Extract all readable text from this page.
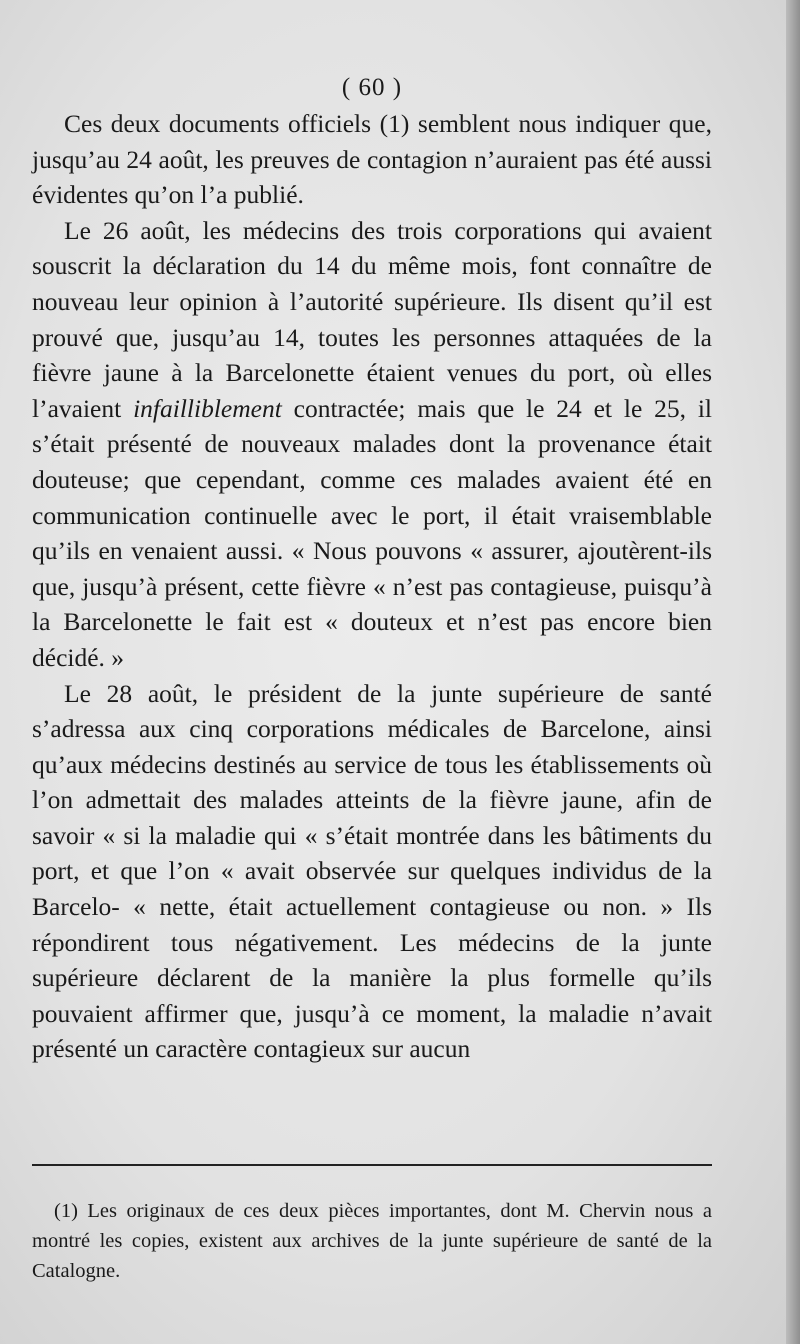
( 60 )

Ces deux documents officiels (1) semblent nous indiquer que, jusqu’au 24 août, les preuves de contagion n’auraient pas été aussi évidentes qu’on l’a publié.

Le 26 août, les médecins des trois corporations qui avaient souscrit la déclaration du 14 du même mois, font connaître de nouveau leur opinion à l’autorité supérieure. Ils disent qu’il est prouvé que, jusqu’au 14, toutes les personnes attaquées de la fièvre jaune à la Barcelonette étaient venues du port, où elles l’avaient infailliblement contractée; mais que le 24 et le 25, il s’était présenté de nouveaux malades dont la provenance était douteuse; que cependant, comme ces malades avaient été en communication continuelle avec le port, il était vraisemblable qu’ils en venaient aussi. « Nous pouvons « assurer, ajoutèrent-ils que, jusqu’à présent, cette fièvre « n’est pas contagieuse, puisqu’à la Barcelonette le fait est « douteux et n’est pas encore bien décidé. »

Le 28 août, le président de la junte supérieure de santé s’adressa aux cinq corporations médicales de Barcelone, ainsi qu’aux médecins destinés au service de tous les établissements où l’on admettait des malades atteints de la fièvre jaune, afin de savoir « si la maladie qui « s’était montrée dans les bâtiments du port, et que l’on « avait observée sur quelques individus de la Barcelo- « nette, était actuellement contagieuse ou non. » Ils répondirent tous négativement. Les médecins de la junte supérieure déclarent de la manière la plus formelle qu’ils pouvaient affirmer que, jusqu’à ce moment, la maladie n’avait présenté un caractère contagieux sur aucun

(1) Les originaux de ces deux pièces importantes, dont M. Chervin nous a montré les copies, existent aux archives de la junte supérieure de santé de la Catalogne.
